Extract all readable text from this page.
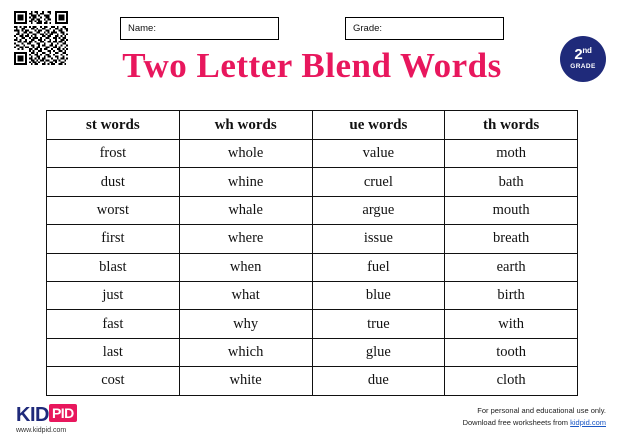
Name:	Grade:
Two Letter Blend Words	2nd
GRADE
st words	wh words	ue words	th words
frost	whole	value	moth
dust	whine	cruel	bath
worst	whale	argue	mouth
first	where	issue	breath
blast	when	fuel	earth
just	what	blue	birth
fast	why	true	with
last	which	glue	tooth
cost	white	due	cloth
KID PID
www.kidpid.com
For personal and educational use only.
Download free worksheets from kidpid.com
